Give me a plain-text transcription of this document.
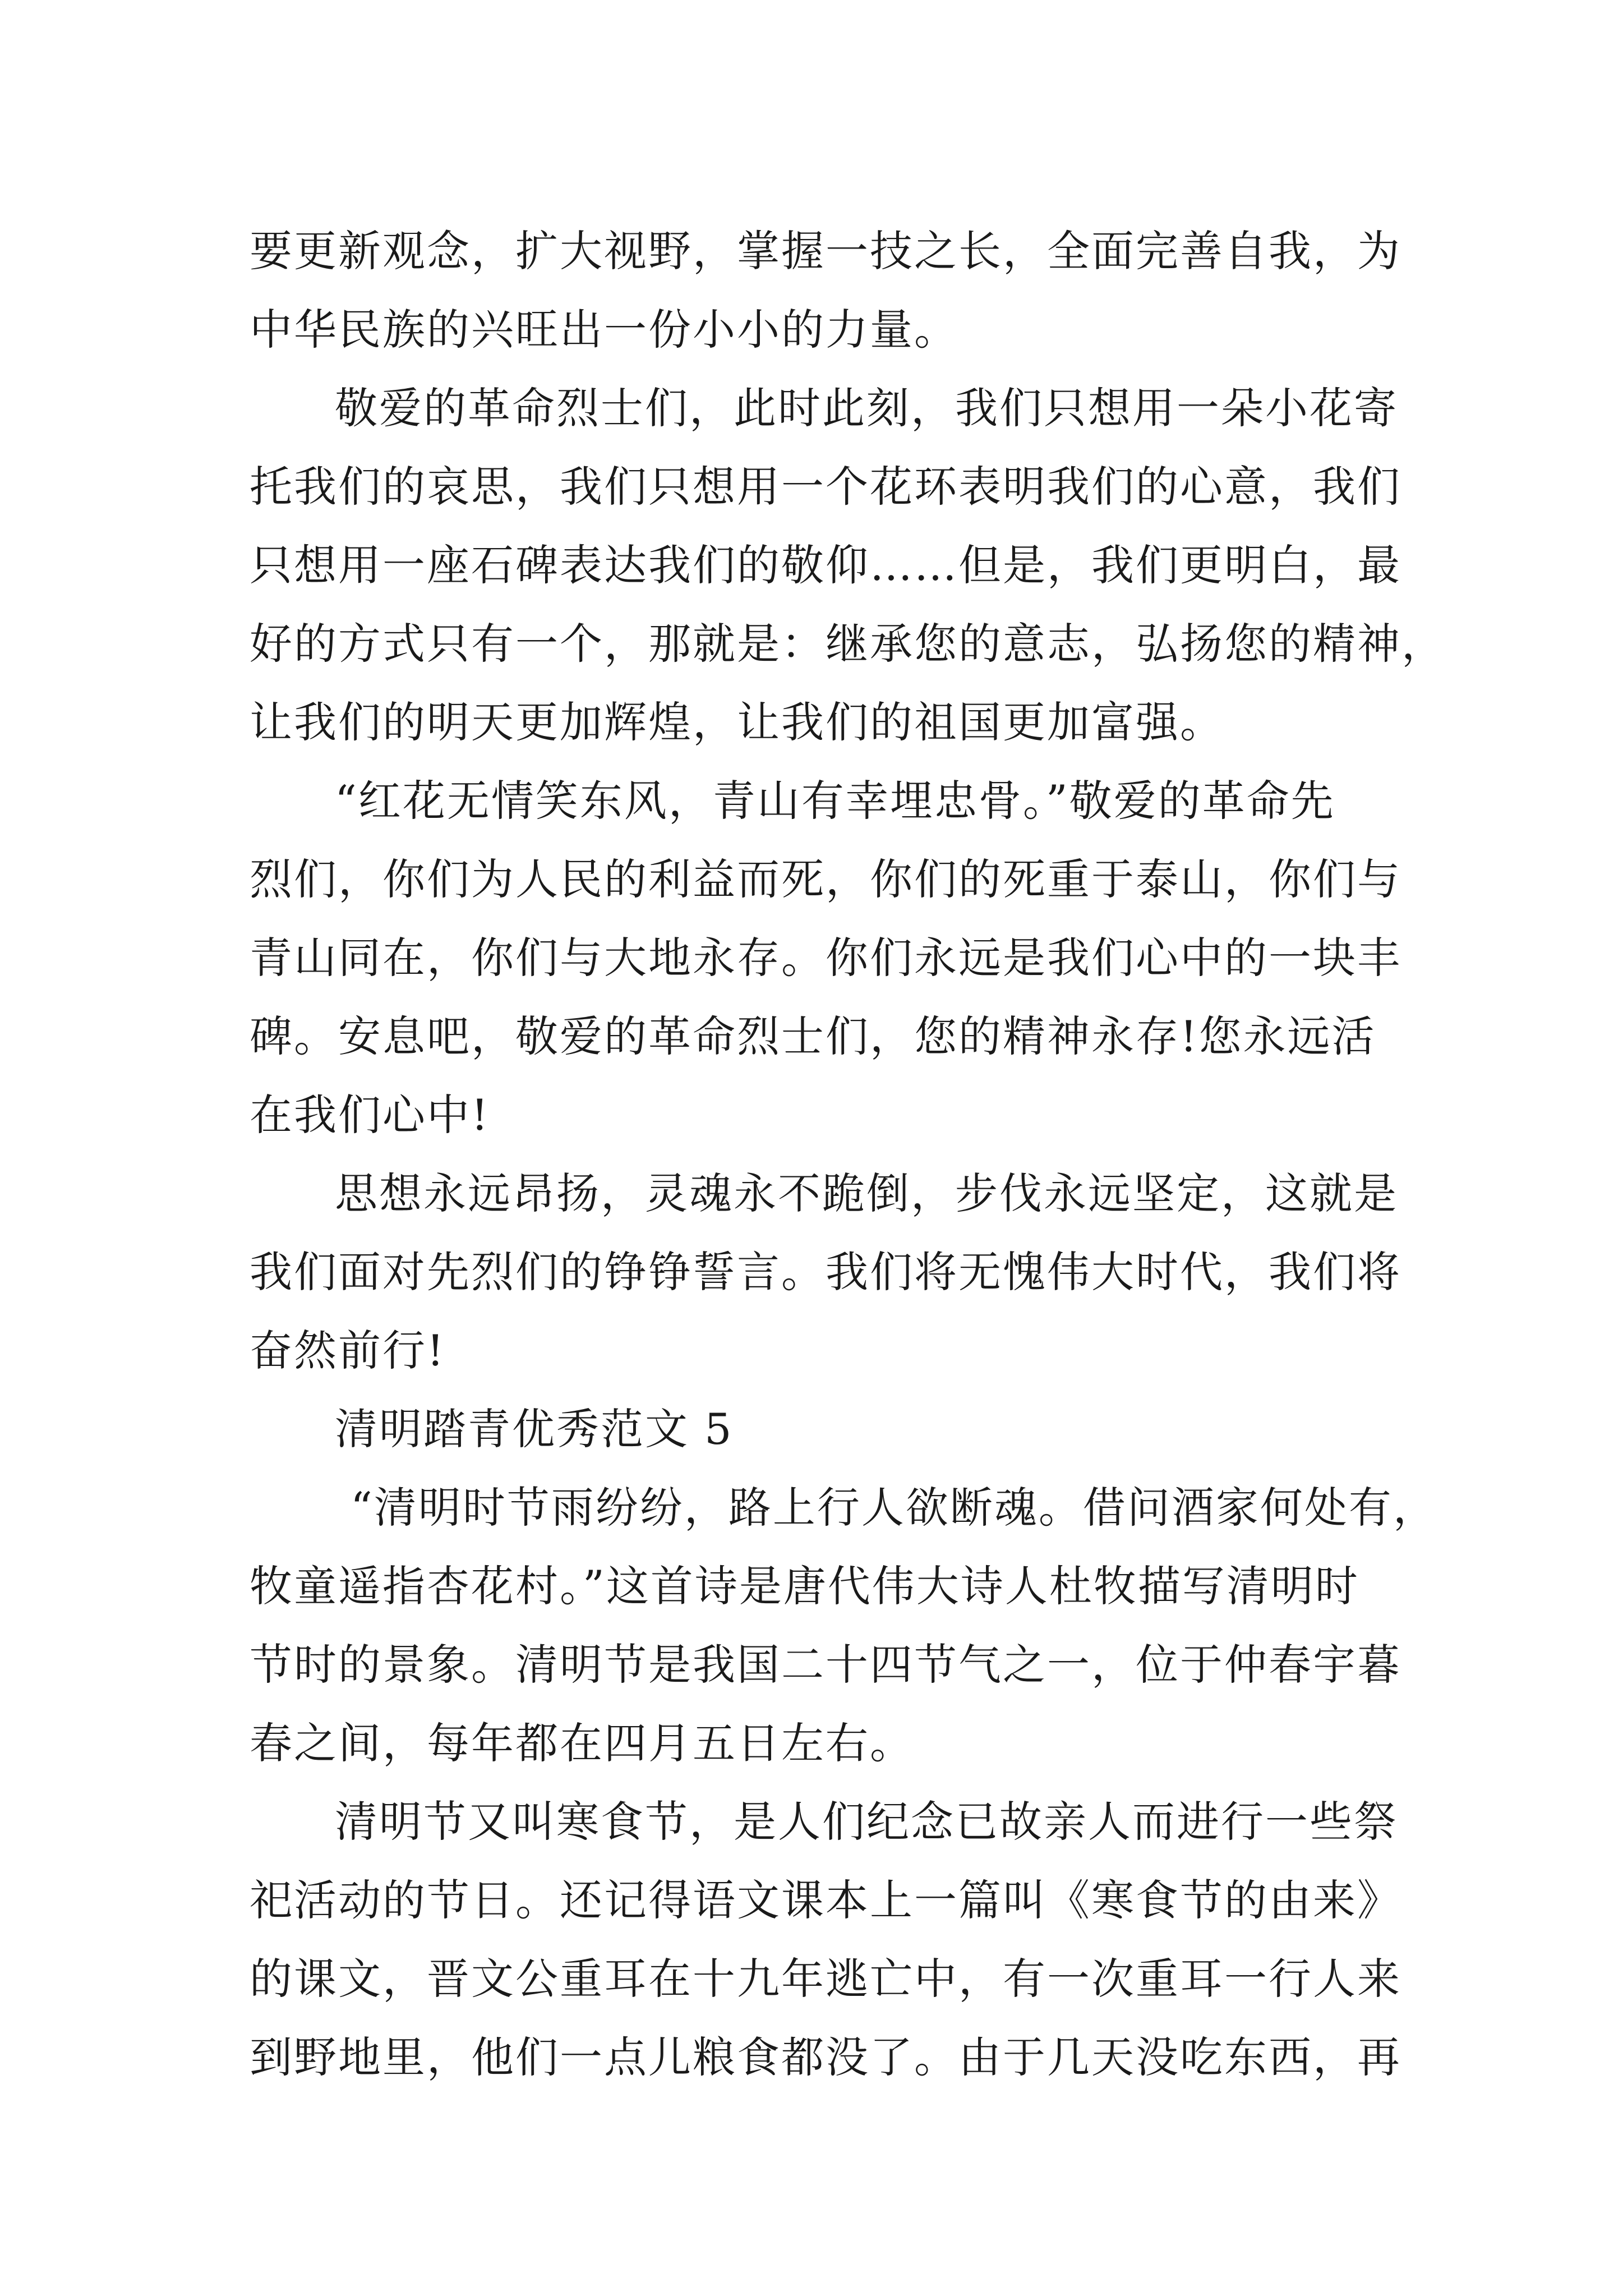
要更新观念，扩大视野，掌握一技之长，全面完善自我，为
中华民族的兴旺出一份小小的力量。
敬爱的革命烈士们，此时此刻，我们只想用一朵小花寄
托我们的哀思，我们只想用一个花环表明我们的心意，我们
只想用一座石碑表达我们的敬仰……但是，我们更明白，最
好的方式只有一个，那就是：继承您的意志，弘扬您的精神，
让我们的明天更加辉煌，让我们的祖国更加富强。
“红花无情笑东风，青山有幸埋忠骨。”敬爱的革命先
烈们，你们为人民的利益而死，你们的死重于泰山，你们与
青山同在，你们与大地永存。你们永远是我们心中的一块丰
碑。安息吧，敬爱的革命烈士们，您的精神永存!您永远活
在我们心中!
思想永远昂扬，灵魂永不跪倒，步伐永远坚定，这就是
我们面对先烈们的铮铮誓言。我们将无愧伟大时代，我们将
奋然前行!
清明踏青优秀范文 5
“清明时节雨纷纷，路上行人欲断魂。借问酒家何处有，
牧童遥指杏花村。”这首诗是唐代伟大诗人杜牧描写清明时
节时的景象。清明节是我国二十四节气之一，位于仲春宇暮
春之间，每年都在四月五日左右。
清明节又叫寒食节，是人们纪念已故亲人而进行一些祭
祀活动的节日。还记得语文课本上一篇叫《寒食节的由来》
的课文，晋文公重耳在十九年逃亡中，有一次重耳一行人来
到野地里，他们一点儿粮食都没了。由于几天没吃东西，再
